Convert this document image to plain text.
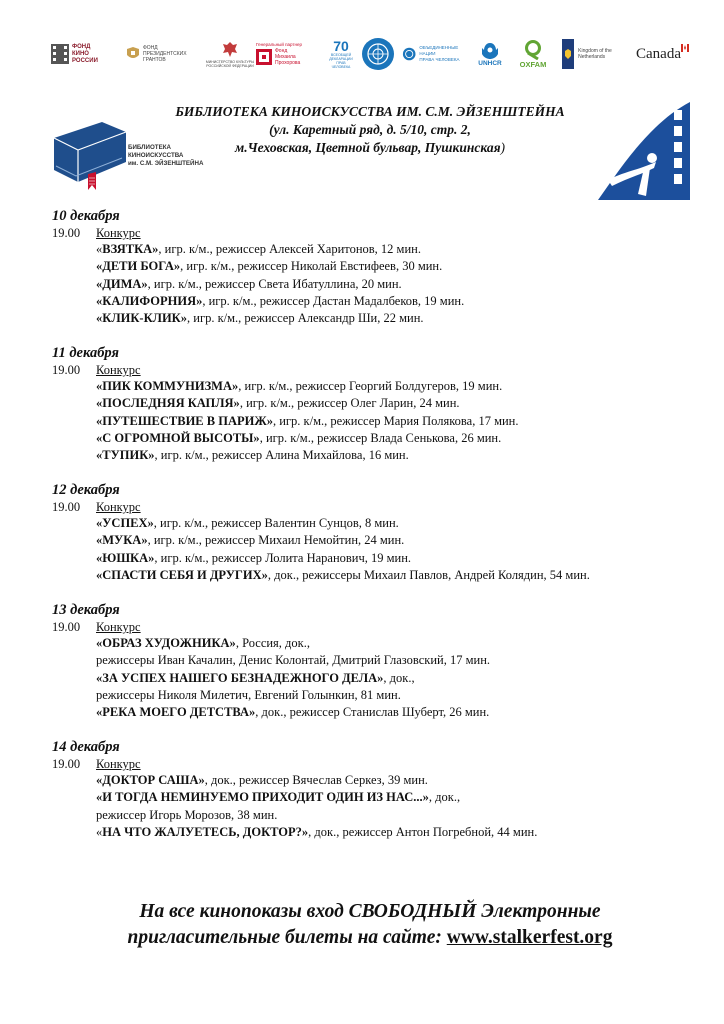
ФОНД
КИНО
РОССИИ
ФОНД
ПРЕЗИДЕНТСКИХ
ГРАНТОВ	МИНИСТЕРСТВО КУЛЬТУРЫ
РОССИЙСКОЙ ФЕДЕРАЦИИ
Генеральный партнер
Фонд
Михаила
Прохорова
70
ВСЕОБЩЕЙ
ДЕКЛАРАЦИИ
ПРАВ
ЧЕЛОВЕКА
ОБЪЕДИНЕННЫЕ НАЦИИ
ПРАВА ЧЕЛОВЕКА
UNHCR OXFAM
Kingdom of the Netherlands	Canada
БИБЛИОТЕКА
КИНОИСКУССТВА
им. С.М. ЭЙЗЕНШТЕЙНА
БИБЛИОТЕКА КИНОИСКУССТВА ИМ. С.М. ЭЙЗЕНШТЕЙНА
(ул. Каретный ряд, д. 5/10, стр. 2,
м.Чеховская, Цветной бульвар, Пушкинская)
10 декабря
19.00 Конкурс
«ВЗЯТКА», игр. к/м., режиссер Алексей Харитонов, 12 мин.
«ДЕТИ БОГА», игр. к/м., режиссер Николай Евстифеев, 30 мин.
«ДИМА», игр. к/м., режиссер Света Ибатуллина, 20 мин.
«КАЛИФОРНИЯ», игр. к/м., режиссер Дастан Мадалбеков, 19 мин.
«КЛИК-КЛИК», игр. к/м., режиссер Александр Ши, 22 мин.
11 декабря
19.00 Конкурс
«ПИК КОММУНИЗМА», игр. к/м., режиссер Георгий Болдугеров, 19 мин.
«ПОСЛЕДНЯЯ КАПЛЯ», игр. к/м., режиссер Олег Ларин, 24 мин.
«ПУТЕШЕСТВИЕ В ПАРИЖ», игр. к/м., режиссер Мария Полякова, 17 мин.
«С ОГРОМНОЙ ВЫСОТЫ», игр. к/м., режиссер Влада Сенькова, 26 мин.
«ТУПИК», игр. к/м., режиссер Алина Михайлова, 16 мин.
12 декабря
19.00 Конкурс
«УСПЕХ», игр. к/м., режиссер Валентин Сунцов, 8 мин.
«МУКА», игр. к/м., режиссер Михаил Немойтин, 24 мин.
«ЮШКА», игр. к/м., режиссер Лолита Наранович, 19 мин.
«СПАСТИ СЕБЯ И ДРУГИХ», док., режиссеры Михаил Павлов, Андрей Колядин, 54 мин.
13 декабря
19.00 Конкурс
«ОБРАЗ ХУДОЖНИКА», Россия, док.,
режиссеры Иван Качалин, Денис Колонтай, Дмитрий Глазовский, 17 мин.
«ЗА УСПЕХ НАШЕГО БЕЗНАДЕЖНОГО ДЕЛА», док.,
режиссеры Николя Милетич, Евгений Голынкин, 81 мин.
«РЕКА МОЕГО ДЕТСТВА», док., режиссер Станислав Шуберт, 26 мин.
14 декабря
19.00 Конкурс
«ДОКТОР САША», док., режиссер Вячеслав Серкез, 39 мин.
«И ТОГДА НЕМИНУЕМО ПРИХОДИТ ОДИН ИЗ НАС...», док.,
режиссер Игорь Морозов, 38 мин.
«НА ЧТО ЖАЛУЕТЕСЬ, ДОКТОР?», док., режиссер Антон Погребной, 44 мин.
На все кинопоказы вход СВОБОДНЫЙ Электронные
пригласительные билеты на сайте: www.stalkerfest.org
